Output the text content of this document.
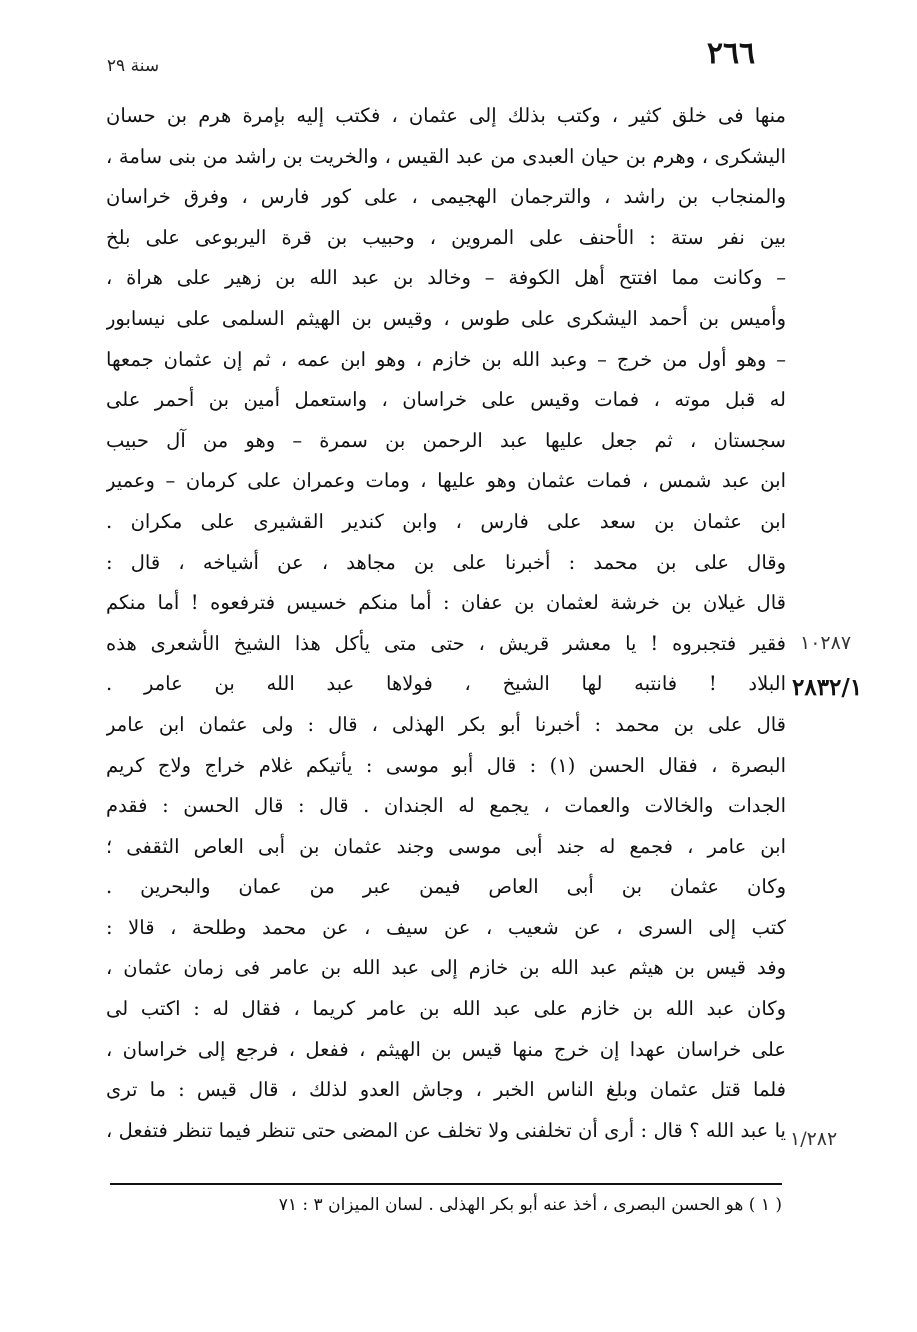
٢٦٦
سنة ٢٩
منها فى خلق كثير ، وكتب بذلك إلى عثمان ، فكتب إليه بإمرة هرم بن حسان
اليشكرى ، وهرم بن حيان العبدى من عبد القيس ، والخريت بن راشد من بنى سامة ،
والمنجاب بن راشد ، والترجمان الهجيمى ، على كور فارس ، وفرق خراسان
بين نفر ستة : الأحنف على المروين ، وحبيب بن قرة اليربوعى على بلخ
– وكانت مما افتتح أهل الكوفة – وخالد بن عبد الله بن زهير على هراة ،
وأميس بن أحمد اليشكرى على طوس ، وقيس بن الهيثم السلمى على نيسابور
– وهو أول من خرج – وعبد الله بن خازم ، وهو ابن عمه ، ثم إن عثمان جمعها
له قبل موته ، فمات وقيس على خراسان ، واستعمل أمين بن أحمر على
سجستان ، ثم جعل عليها عبد الرحمن بن سمرة – وهو من آل حبيب
ابن عبد شمس ، فمات عثمان وهو عليها ، ومات وعمران على كرمان – وعمير
ابن عثمان بن سعد على فارس ، وابن كندير القشيرى على مكران .
وقال على بن محمد : أخبرنا على بن مجاهد ، عن أشياخه ، قال :
قال غيلان بن خرشة لعثمان بن عفان : أما منكم خسيس فترفعوه ! أما منكم
فقير فتجبروه ! يا معشر قريش ، حتى متى يأكل هذا الشيخ الأشعرى هذه
البلاد ! فانتبه لها الشيخ ، فولاها عبد الله بن عامر .
قال على بن محمد : أخبرنا أبو بكر الهذلى ، قال : ولى عثمان ابن عامر
البصرة ، فقال الحسن (١) : قال أبو موسى : يأتيكم غلام خراج ولاج كريم
الجدات والخالات والعمات ، يجمع له الجندان . قال : قال الحسن : فقدم
ابن عامر ، فجمع له جند أبى موسى وجند عثمان بن أبى العاص الثقفى ؛
وكان عثمان بن أبى العاص فيمن عبر من عمان والبحرين .
كتب إلى السرى ، عن شعيب ، عن سيف ، عن محمد وطلحة ، قالا :
وفد قيس بن هيثم عبد الله بن خازم إلى عبد الله بن عامر فى زمان عثمان ،
وكان عبد الله بن خازم على عبد الله بن عامر كريما ، فقال له : اكتب لى
على خراسان عهدا إن خرج منها قيس بن الهيثم ، ففعل ، فرجع إلى خراسان ،
فلما قتل عثمان وبلغ الناس الخبر ، وجاش العدو لذلك ، قال قيس : ما ترى
يا عبد الله ؟ قال : أرى أن تخلفنى ولا تخلف عن المضى حتى تنظر فيما تنظر فتفعل ،
١٠٢٨٧
٢٨٣٢/١
١/٢٨٢
( ١ ) هو الحسن البصرى ، أخذ عنه أبو بكر الهذلى . لسان الميزان ٣ : ٧١
